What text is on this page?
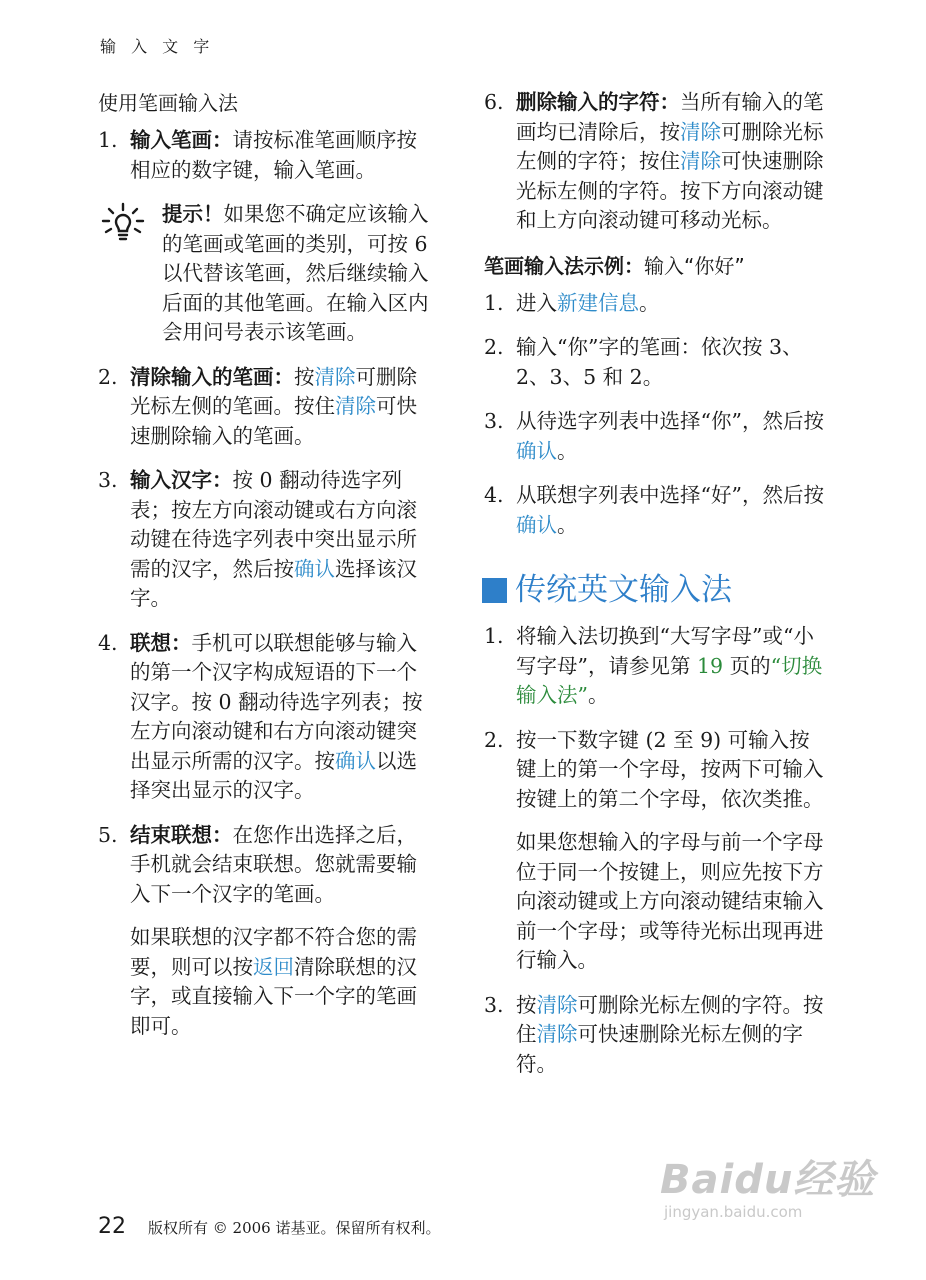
输 入 文 字

使用笔画输入法

1. 输入笔画：请按标准笔画顺序按相应的数字键，输入笔画。
提示！如果您不确定应该输入的笔画或笔画的类别，可按 6 以代替该笔画，然后继续输入后面的其他笔画。在输入区内会用问号表示该笔画。
2. 清除输入的笔画：按清除可删除光标左侧的笔画。按住清除可快速删除输入的笔画。
3. 输入汉字：按 0 翻动待选字列表；按左方向滚动键或右方向滚动键在待选字列表中突出显示所需的汉字，然后按确认选择该汉字。
4. 联想：手机可以联想能够与输入的第一个汉字构成短语的下一个汉字。按 0 翻动待选字列表；按左方向滚动键和右方向滚动键突出显示所需的汉字。按确认以选择突出显示的汉字。
5. 结束联想：在您作出选择之后，手机就会结束联想。您就需要输入下一个汉字的笔画。
如果联想的汉字都不符合您的需要，则可以按返回清除联想的汉字，或直接输入下一个字的笔画即可。
6. 删除输入的字符：当所有输入的笔画均已清除后，按清除可删除光标左侧的字符；按住清除可快速删除光标左侧的字符。按下方向滚动键和上方向滚动键可移动光标。

笔画输入法示例：输入“你好”

1. 进入新建信息。
2. 输入“你”字的笔画：依次按 3、2、3、5 和 2。
3. 从待选字列表中选择“你”，然后按确认。
4. 从联想字列表中选择“好”，然后按确认。

传统英文输入法

1. 将输入法切换到“大写字母”或“小写字母”，请参见第 19 页的“切换输入法”。
2. 按一下数字键 (2 至 9) 可输入按键上的第一个字母，按两下可输入按键上的第二个字母，依次类推。
如果您想输入的字母与前一个字母位于同一个按键上，则应先按下方向滚动键或上方向滚动键结束输入前一个字母；或等待光标出现再进行输入。
3. 按清除可删除光标左侧的字符。按住清除可快速删除光标左侧的字符。
22 版权所有 © 2006 诺基亚。保留所有权利。
Baidu经验
jingyan.baidu.com
